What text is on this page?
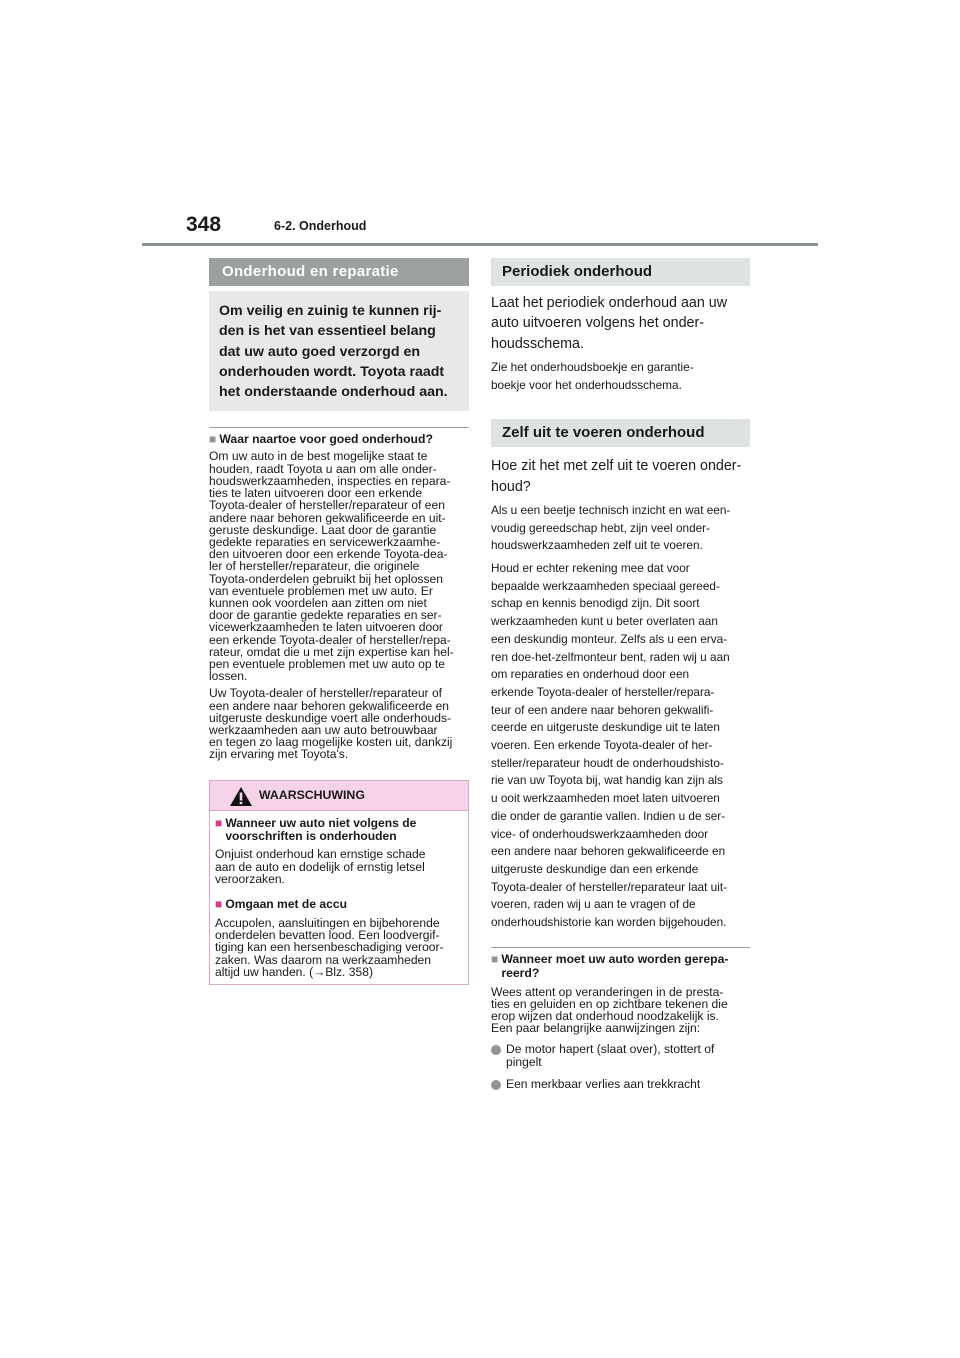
348	6-2. Onderhoud
Onderhoud en reparatie

Om veilig en zuinig te kunnen rij-
den is het van essentieel belang
dat uw auto goed verzorgd en
onderhouden wordt. Toyota raadt
het onderstaande onderhoud aan.

■ Waar naartoe voor goed onderhoud?

Om uw auto in de best mogelijke staat te
houden, raadt Toyota u aan om alle onder-
houdswerkzaamheden, inspecties en repara-
ties te laten uitvoeren door een erkende
Toyota-dealer of hersteller/reparateur of een
andere naar behoren gekwalificeerde en uit-
geruste deskundige. Laat door de garantie
gedekte reparaties en servicewerkzaamhe-
den uitvoeren door een erkende Toyota-dea-
ler of hersteller/reparateur, die originele
Toyota-onderdelen gebruikt bij het oplossen
van eventuele problemen met uw auto. Er
kunnen ook voordelen aan zitten om niet
door de garantie gedekte reparaties en ser-
vicewerkzaamheden te laten uitvoeren door
een erkende Toyota-dealer of hersteller/repa-
rateur, omdat die u met zijn expertise kan hel-
pen eventuele problemen met uw auto op te
lossen.

Uw Toyota-dealer of hersteller/reparateur of
een andere naar behoren gekwalificeerde en
uitgeruste deskundige voert alle onderhouds-
werkzaamheden aan uw auto betrouwbaar
en tegen zo laag mogelijke kosten uit, dankzij
zijn ervaring met Toyota's.

WAARSCHUWING
■ Wanneer uw auto niet volgens de
voorschriften is onderhouden

Onjuist onderhoud kan ernstige schade
aan de auto en dodelijk of ernstig letsel
veroorzaken.

■ Omgaan met de accu

Accupolen, aansluitingen en bijbehorende
onderdelen bevatten lood. Een loodvergif-
tiging kan een hersenbeschadiging veroor-
zaken. Was daarom na werkzaamheden
altijd uw handen. (→Blz. 358)

Periodiek onderhoud

Laat het periodiek onderhoud aan uw
auto uitvoeren volgens het onder-
houdsschema.

Zie het onderhoudsboekje en garantie-
boekje voor het onderhoudsschema.

Zelf uit te voeren onderhoud

Hoe zit het met zelf uit te voeren onder-
houd?

Als u een beetje technisch inzicht en wat een-
voudig gereedschap hebt, zijn veel onder-
houdswerkzaamheden zelf uit te voeren.

Houd er echter rekening mee dat voor
bepaalde werkzaamheden speciaal gereed-
schap en kennis benodigd zijn. Dit soort
werkzaamheden kunt u beter overlaten aan
een deskundig monteur. Zelfs als u een erva-
ren doe-het-zelfmonteur bent, raden wij u aan
om reparaties en onderhoud door een
erkende Toyota-dealer of hersteller/repara-
teur of een andere naar behoren gekwalifi-
ceerde en uitgeruste deskundige uit te laten
voeren. Een erkende Toyota-dealer of her-
steller/reparateur houdt de onderhoudshisto-
rie van uw Toyota bij, wat handig kan zijn als
u ooit werkzaamheden moet laten uitvoeren
die onder de garantie vallen. Indien u de ser-
vice- of onderhoudswerkzaamheden door
een andere naar behoren gekwalificeerde en
uitgeruste deskundige dan een erkende
Toyota-dealer of hersteller/reparateur laat uit-
voeren, raden wij u aan te vragen of de
onderhoudshistorie kan worden bijgehouden.

■ Wanneer moet uw auto worden gerepa-
reerd?

Wees attent op veranderingen in de presta-
ties en geluiden en op zichtbare tekenen die
erop wijzen dat onderhoud noodzakelijk is.
Een paar belangrijke aanwijzingen zijn:

De motor hapert (slaat over), stottert of
pingelt
Een merkbaar verlies aan trekkracht
